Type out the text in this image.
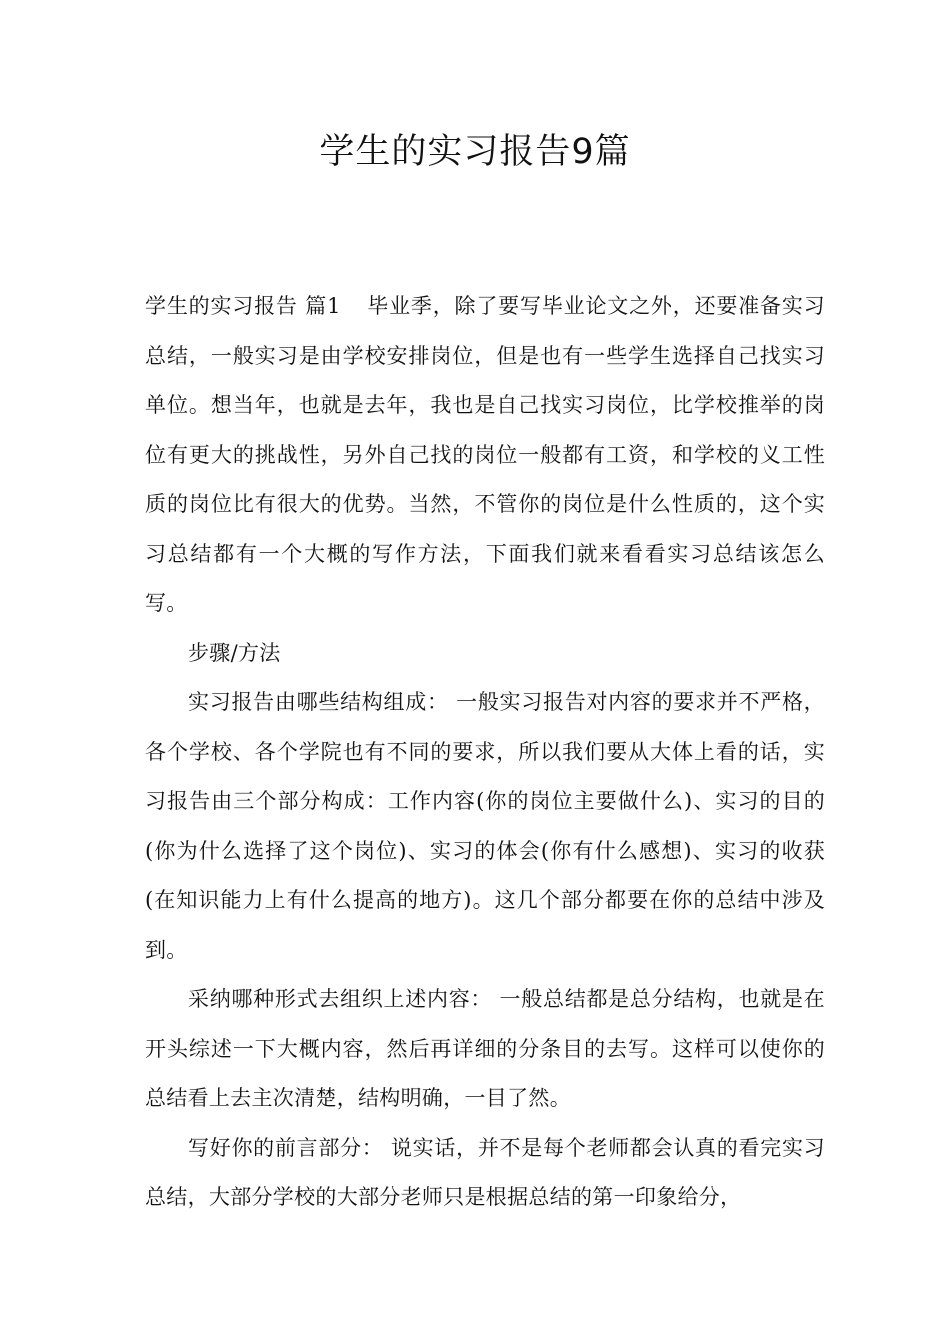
学生的实习报告9篇

学生的实习报告 篇1 毕业季，除了要写毕业论文之外，还要准备实习总结，一般实习是由学校安排岗位，但是也有一些学生选择自己找实习单位。想当年，也就是去年，我也是自己找实习岗位，比学校推举的岗位有更大的挑战性，另外自己找的岗位一般都有工资，和学校的义工性质的岗位比有很大的优势。当然，不管你的岗位是什么性质的，这个实习总结都有一个大概的写作方法，下面我们就来看看实习总结该怎么写。

步骤/方法

实习报告由哪些结构组成： 一般实习报告对内容的要求并不严格，各个学校、各个学院也有不同的要求，所以我们要从大体上看的话，实习报告由三个部分构成：工作内容(你的岗位主要做什么)、实习的目的(你为什么选择了这个岗位)、实习的体会(你有什么感想)、实习的收获(在知识能力上有什么提高的地方)。这几个部分都要在你的总结中涉及到。

采纳哪种形式去组织上述内容： 一般总结都是总分结构，也就是在开头综述一下大概内容，然后再详细的分条目的去写。这样可以使你的总结看上去主次清楚，结构明确，一目了然。

写好你的前言部分： 说实话，并不是每个老师都会认真的看完实习总结，大部分学校的大部分老师只是根据总结的第一印象给分，
